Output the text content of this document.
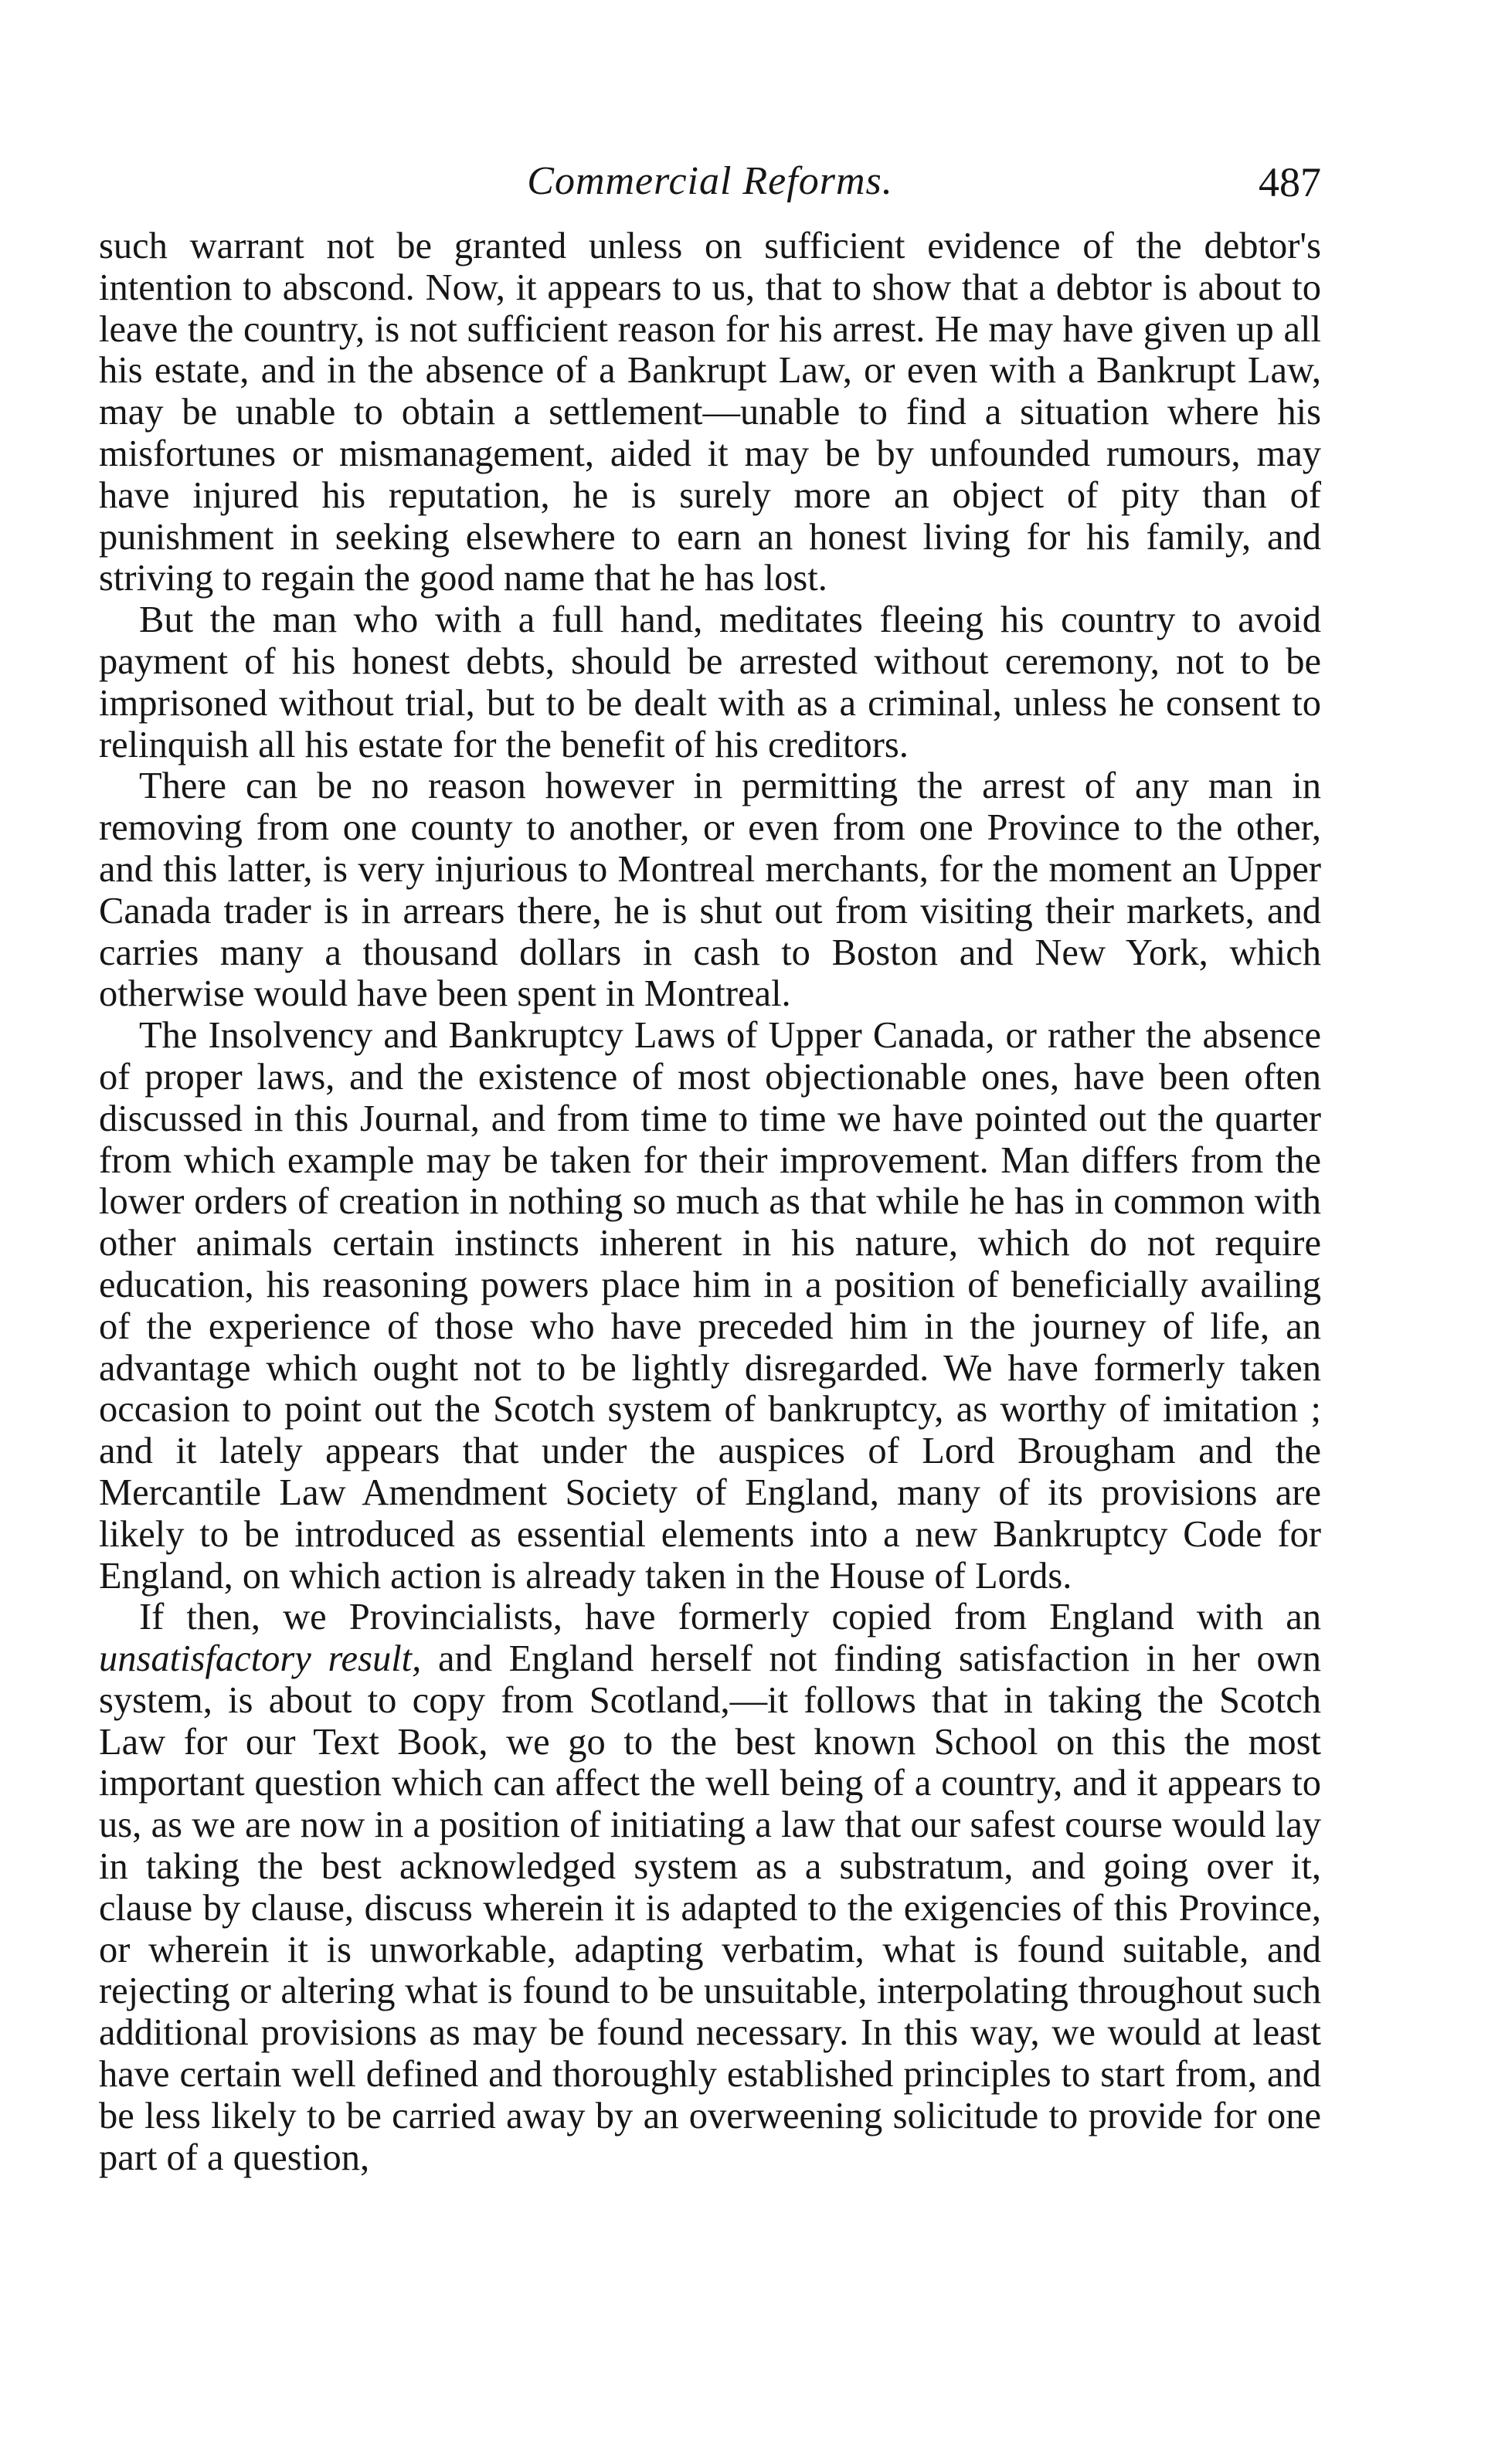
Commercial Reforms.	487

such warrant not be granted unless on sufficient evidence of the debtor's intention to abscond. Now, it appears to us, that to show that a debtor is about to leave the country, is not sufficient reason for his arrest. He may have given up all his estate, and in the absence of a Bankrupt Law, or even with a Bankrupt Law, may be unable to obtain a settlement—unable to find a situation where his misfortunes or mismanagement, aided it may be by unfounded rumours, may have injured his reputation, he is surely more an object of pity than of punishment in seeking elsewhere to earn an honest living for his family, and striving to regain the good name that he has lost.

But the man who with a full hand, meditates fleeing his country to avoid payment of his honest debts, should be arrested without ceremony, not to be imprisoned without trial, but to be dealt with as a criminal, unless he consent to relinquish all his estate for the benefit of his creditors.

There can be no reason however in permitting the arrest of any man in removing from one county to another, or even from one Province to the other, and this latter, is very injurious to Montreal merchants, for the moment an Upper Canada trader is in arrears there, he is shut out from visiting their markets, and carries many a thousand dollars in cash to Boston and New York, which otherwise would have been spent in Montreal.

The Insolvency and Bankruptcy Laws of Upper Canada, or rather the absence of proper laws, and the existence of most objectionable ones, have been often discussed in this Journal, and from time to time we have pointed out the quarter from which example may be taken for their improvement. Man differs from the lower orders of creation in nothing so much as that while he has in common with other animals certain instincts inherent in his nature, which do not require education, his reasoning powers place him in a position of beneficially availing of the experience of those who have preceded him in the journey of life, an advantage which ought not to be lightly disregarded. We have formerly taken occasion to point out the Scotch system of bankruptcy, as worthy of imitation ; and it lately appears that under the auspices of Lord Brougham and the Mercantile Law Amendment Society of England, many of its provisions are likely to be introduced as essential elements into a new Bankruptcy Code for England, on which action is already taken in the House of Lords.

If then, we Provincialists, have formerly copied from England with an unsatisfactory result, and England herself not finding satisfaction in her own system, is about to copy from Scotland,—it follows that in taking the Scotch Law for our Text Book, we go to the best known School on this the most important question which can affect the well being of a country, and it appears to us, as we are now in a position of initiating a law that our safest course would lay in taking the best acknowledged system as a substratum, and going over it, clause by clause, discuss wherein it is adapted to the exigencies of this Province, or wherein it is unworkable, adapting verbatim, what is found suitable, and rejecting or altering what is found to be unsuitable, interpolating throughout such additional provisions as may be found necessary. In this way, we would at least have certain well defined and thoroughly established principles to start from, and be less likely to be carried away by an overweening solicitude to provide for one part of a question,
